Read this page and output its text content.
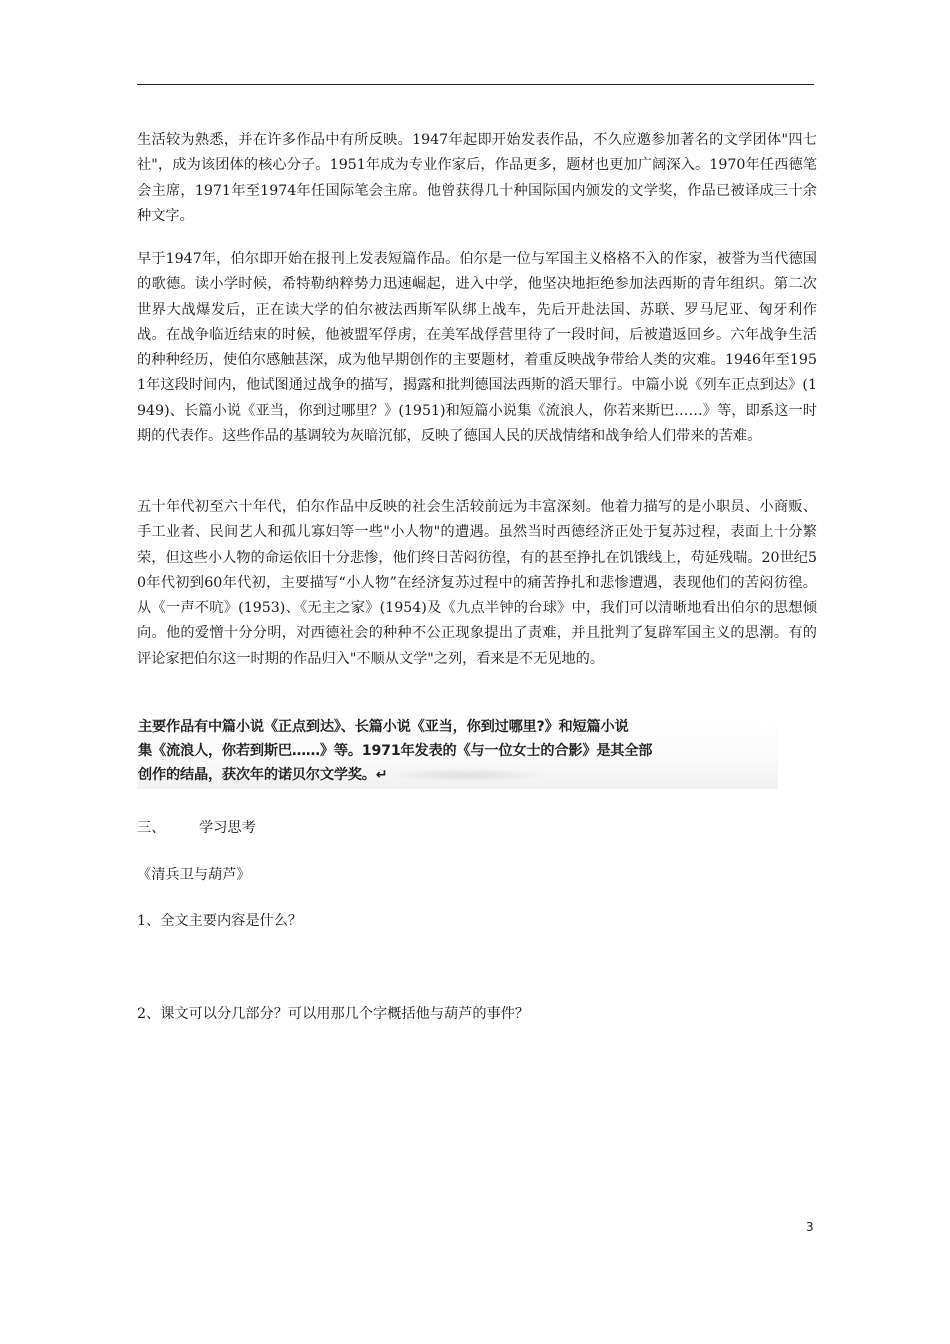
生活较为熟悉，并在许多作品中有所反映。1947年起即开始发表作品，不久应邀参加著名的文学团体"四七社"，成为该团体的核心分子。1951年成为专业作家后，作品更多，题材也更加广阔深入。1970年任西德笔会主席，1971年至1974年任国际笔会主席。他曾获得几十种国际国内颁发的文学奖，作品已被译成三十余种文字。

早于1947年，伯尔即开始在报刊上发表短篇作品。伯尔是一位与军国主义格格不入的作家，被誉为当代德国的歌德。读小学时候，希特勒纳粹势力迅速崛起，进入中学，他坚决地拒绝参加法西斯的青年组织。第二次世界大战爆发后，正在读大学的伯尔被法西斯军队绑上战车，先后开赴法国、苏联、罗马尼亚、匈牙利作战。在战争临近结束的时候，他被盟军俘虏，在美军战俘营里待了一段时间，后被遣返回乡。六年战争生活的种种经历，使伯尔感触甚深，成为他早期创作的主要题材，着重反映战争带给人类的灾难。1946年至1951年这段时间内，他试图通过战争的描写，揭露和批判德国法西斯的滔天罪行。中篇小说《列车正点到达》(1949)、长篇小说《亚当，你到过哪里？》(1951)和短篇小说集《流浪人，你若来斯巴……》等，即系这一时期的代表作。这些作品的基调较为灰暗沉郁，反映了德国人民的厌战情绪和战争给人们带来的苦难。

五十年代初至六十年代，伯尔作品中反映的社会生活较前远为丰富深刻。他着力描写的是小职员、小商贩、手工业者、民间艺人和孤儿寡妇等一些"小人物"的遭遇。虽然当时西德经济正处于复苏过程，表面上十分繁荣，但这些小人物的命运依旧十分悲惨，他们终日苦闷彷徨，有的甚至挣扎在饥饿线上，苟延残喘。20世纪50年代初到60年代初，主要描写“小人物”在经济复苏过程中的痛苦挣扎和悲惨遭遇，表现他们的苦闷彷徨。从《一声不吭》(1953)、《无主之家》(1954)及《九点半钟的台球》中，我们可以清晰地看出伯尔的思想倾向。他的爱憎十分分明，对西德社会的种种不公正现象提出了责难，并且批判了复辟军国主义的思潮。有的评论家把伯尔这一时期的作品归入"不顺从文学"之列，看来是不无见地的。

主要作品有中篇小说《正点到达》、长篇小说《亚当，你到过哪里?》和短篇小说
集《流浪人，你若到斯巴……》等。1971年发表的《与一位女士的合影》是其全部
创作的结晶，获次年的诺贝尔文学奖。↵
三、 学习思考
《清兵卫与葫芦》
1、全文主要内容是什么？
2、课文可以分几部分？可以用那几个字概括他与葫芦的事件？
3
